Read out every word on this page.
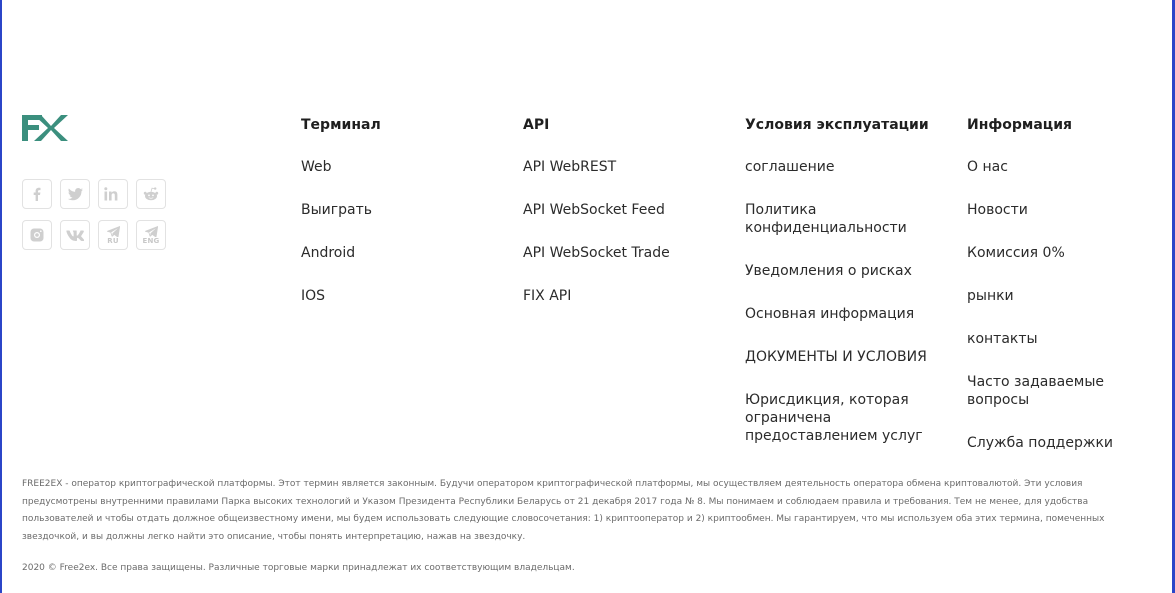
RU	ENG
Терминал
Web
Выиграть
Android
IOS
API
API WebREST
API WebSocket Feed
API WebSocket Trade
FIX API
Условия эксплуатации
соглашение
Политика конфиденциальности
Уведомления о рисках
Основная информация
ДОКУМЕНТЫ И УСЛОВИЯ
Юрисдикция, которая ограничена предоставлением услуг
Информация
О нас
Новости
Комиссия 0%
рынки
контакты
Часто задаваемые вопросы
Служба поддержки

FREE2EX - оператор криптографической платформы. Этот термин является законным. Будучи оператором криптографической платформы, мы осуществляем деятельность оператора обмена криптовалютой. Эти условия предусмотрены внутренними правилами Парка высоких технологий и Указом Президента Республики Беларусь от 21 декабря 2017 года № 8. Мы понимаем и соблюдаем правила и требования. Тем не менее, для удобства пользователей и чтобы отдать должное общеизвестному имени, мы будем использовать следующие словосочетания: 1) криптооператор и 2) криптообмен. Мы гарантируем, что мы используем оба этих термина, помеченных звездочкой, и вы должны легко найти это описание, чтобы понять интерпретацию, нажав на звездочку.

2020 © Free2ex. Все права защищены. Различные торговые марки принадлежат их соответствующим владельцам.
